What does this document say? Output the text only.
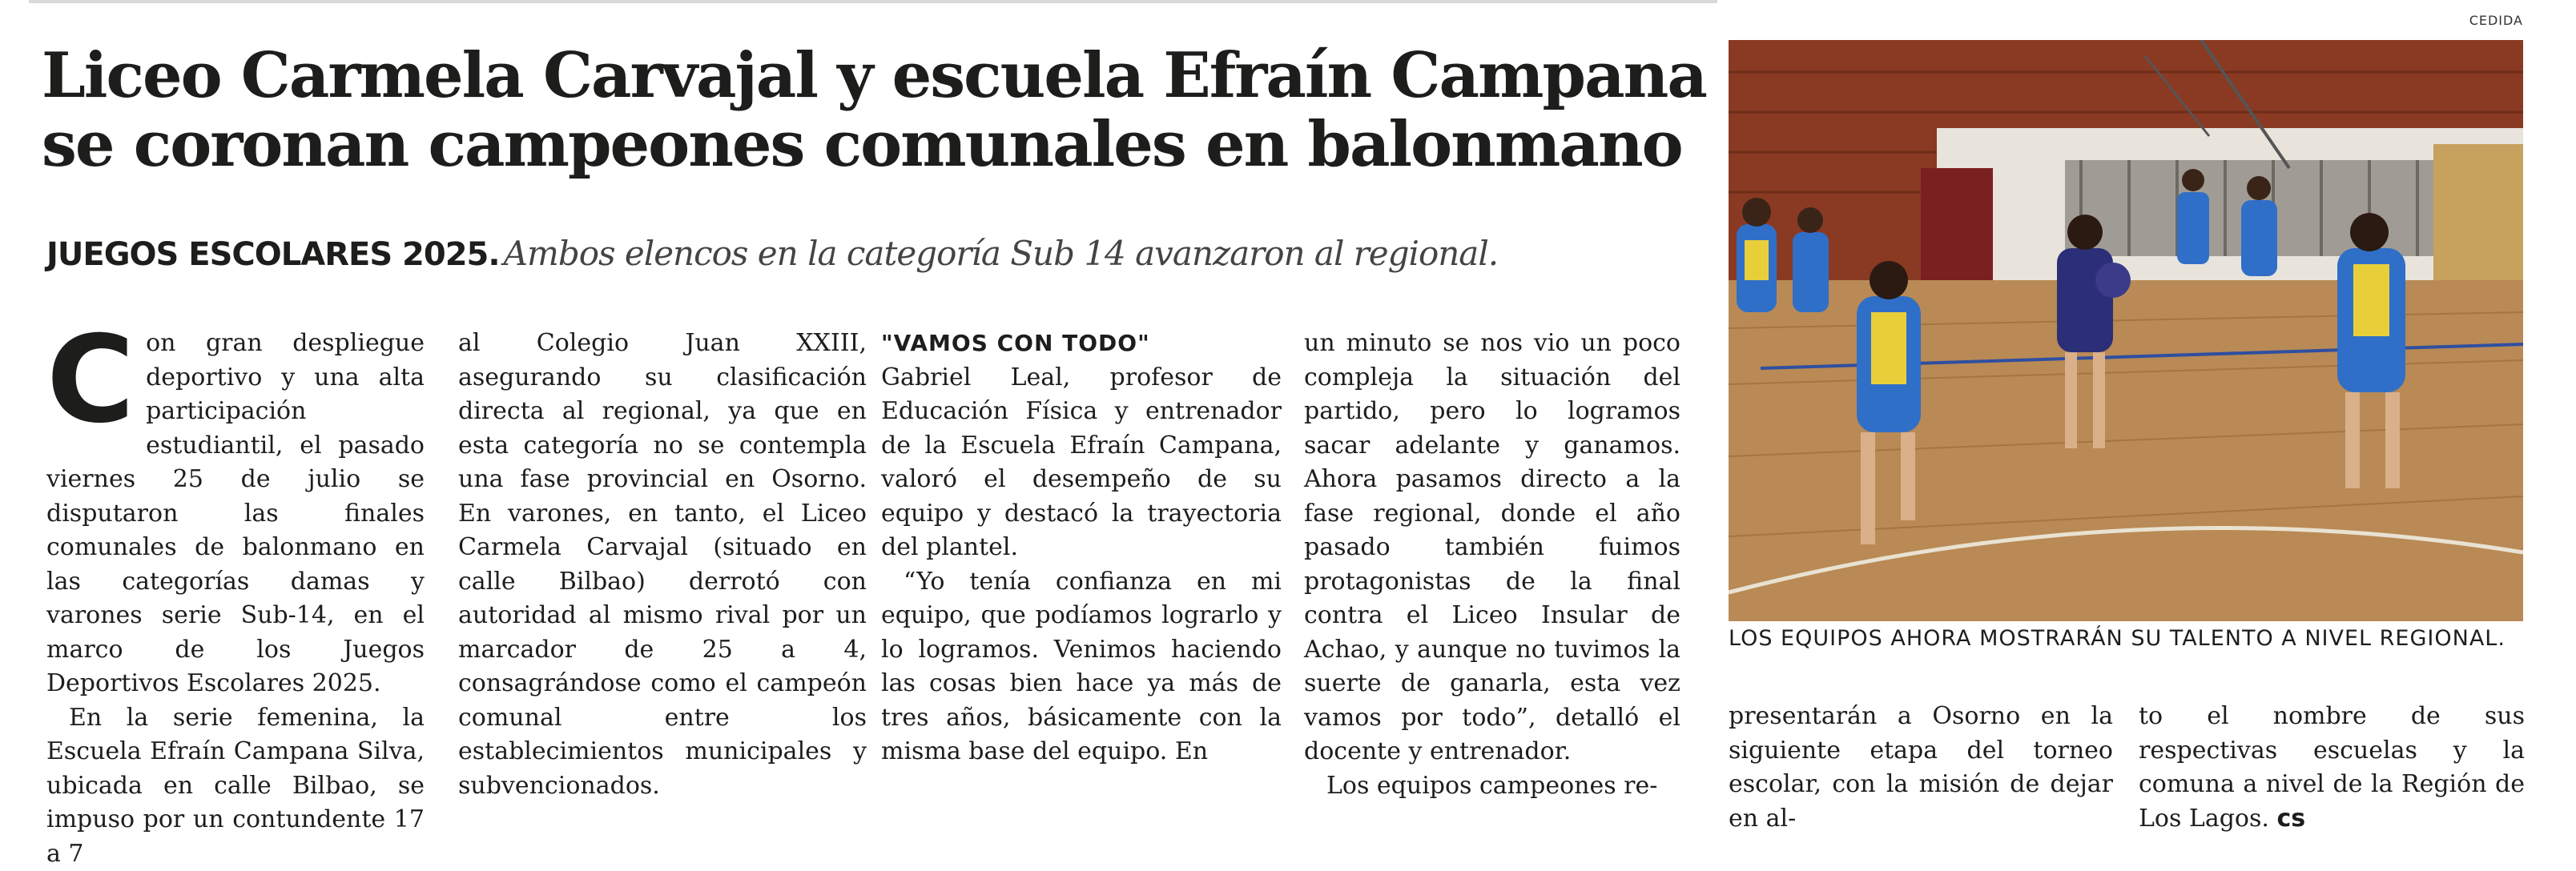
Liceo Carmela Carvajal y escuela Efraín Campana
se coronan campeones comunales en balonmano
JUEGOS ESCOLARES 2025. Ambos elencos en la categoría Sub 14 avanzaron al regional.

C on gran despliegue deportivo y una alta participación estudiantil, el pasado viernes 25 de julio se disputaron las finales comunales de balonmano en las categorías damas y varones serie Sub-14, en el marco de los Juegos Deportivos Escolares 2025.

En la serie femenina, la Escuela Efraín Campana Silva, ubicada en calle Bilbao, se impuso por un contundente 17 a 7

al Colegio Juan XXIII, asegurando su clasificación directa al regional, ya que en esta categoría no se contempla una fase provincial en Osorno. En varones, en tanto, el Liceo Carmela Carvajal (situado en calle Bilbao) derrotó con autoridad al mismo rival por un marcador de 25 a 4, consagrándose como el campeón comunal entre los establecimientos municipales y subvencionados.

"VAMOS CON TODO"

Gabriel Leal, profesor de Educación Física y entrenador de la Escuela Efraín Campana, valoró el desempeño de su equipo y destacó la trayectoria del plantel.

“Yo tenía confianza en mi equipo, que podíamos lograrlo y lo logramos. Venimos haciendo las cosas bien hace ya más de tres años, básicamente con la misma base del equipo. En

un minuto se nos vio un poco compleja la situación del partido, pero lo logramos sacar adelante y ganamos. Ahora pasamos directo a la fase regional, donde el año pasado también fuimos protagonistas de la final contra el Liceo Insular de Achao, y aunque no tuvimos la suerte de ganarla, esta vez vamos por todo”, detalló el docente y entrenador.

Los equipos campeones re-

presentarán a Osorno en la siguiente etapa del torneo escolar, con la misión de dejar en al-

to el nombre de sus respectivas escuelas y la comuna a nivel de la Región de Los Lagos. cs

CEDIDA

LOS EQUIPOS AHORA MOSTRARÁN SU TALENTO A NIVEL REGIONAL.
